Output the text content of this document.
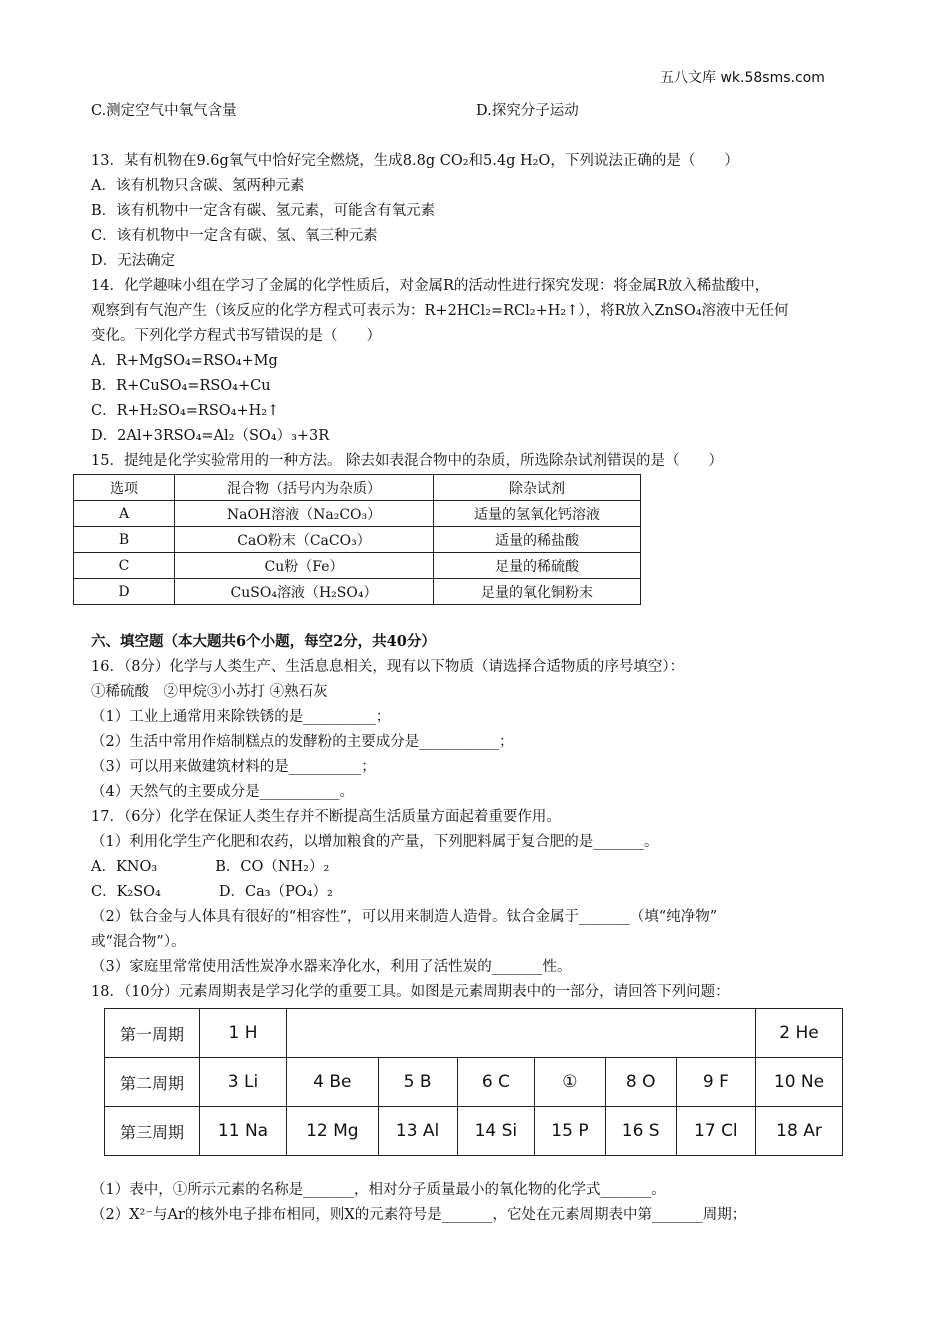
五八文库 wk.58sms.com
C.测定空气中氧气含量	D.探究分子运动
13．某有机物在9.6g氧气中恰好完全燃烧，生成8.8g CO₂和5.4g H₂O，下列说法正确的是（　　）
A．该有机物只含碳、氢两种元素
B．该有机物中一定含有碳、氢元素，可能含有氧元素
C．该有机物中一定含有碳、氢、氧三种元素
D．无法确定
14．化学趣味小组在学习了金属的化学性质后，对金属R的活动性进行探究发现：将金属R放入稀盐酸中，
观察到有气泡产生（该反应的化学方程式可表示为：R+2HCl₂=RCl₂+H₂↑），将R放入ZnSO₄溶液中无任何
变化。下列化学方程式书写错误的是（　　）
A．R+MgSO₄=RSO₄+Mg
B．R+CuSO₄=RSO₄+Cu
C．R+H₂SO₄=RSO₄+H₂↑
D．2Al+3RSO₄=Al₂（SO₄）₃+3R
15．提纯是化学实验常用的一种方法。 除去如表混合物中的杂质，所选除杂试剂错误的是（　　）
选项	混合物（括号内为杂质）	除杂试剂
A	NaOH溶液（Na₂CO₃）	适量的氢氧化钙溶液
B	CaO粉末（CaCO₃）	适量的稀盐酸
C	Cu粉（Fe）	足量的稀硫酸
D	CuSO₄溶液（H₂SO₄）	足量的氧化铜粉末
六、填空题（本大题共6个小题，每空2分，共40分）
16．（8分）化学与人类生产、生活息息相关，现有以下物质（请选择合适物质的序号填空）：
①稀硫酸　②甲烷③小苏打 ④熟石灰
（1）工业上通常用来除铁锈的是__________；
（2）生活中常用作焙制糕点的发酵粉的主要成分是___________；
（3）可以用来做建筑材料的是__________；
（4）天然气的主要成分是___________。
17．（6分）化学在保证人类生存并不断提高生活质量方面起着重要作用。
（1）利用化学生产化肥和农药，以增加粮食的产量，下列肥料属于复合肥的是_______。
A．KNO₃　　　　B．CO（NH₂）₂
C．K₂SO₄　　　　D．Ca₃（PO₄）₂
（2）钛合金与人体具有很好的“相容性”，可以用来制造人造骨。钛合金属于_______（填“纯净物”
或“混合物”）。
（3）家庭里常常使用活性炭净水器来净化水，利用了活性炭的_______性。
18．（10分）元素周期表是学习化学的重要工具。如图是元素周期表中的一部分，请回答下列问题：
第一周期	1 H							2 He
第二周期	3 Li	4 Be	5 B	6 C	①	8 O	9 F	10 Ne
第三周期	11 Na	12 Mg	13 Al	14 Si	15 P	16 S	17 Cl	18 Ar
（1）表中，①所示元素的名称是_______，相对分子质量最小的氧化物的化学式_______。
（2）X²⁻与Ar的核外电子排布相同，则X的元素符号是_______，它处在元素周期表中第_______周期；
